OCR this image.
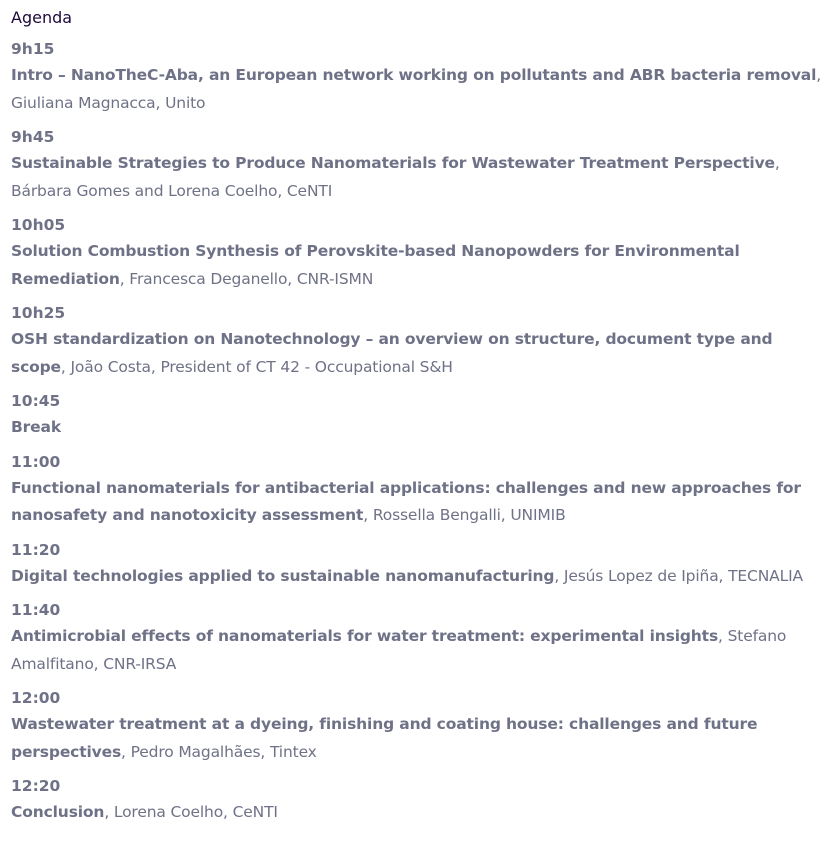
Agenda
9h15
Intro – NanoTheC-Aba, an European network working on pollutants and ABR bacteria removal, Giuliana Magnacca, Unito
9h45
Sustainable Strategies to Produce Nanomaterials for Wastewater Treatment Perspective, Bárbara Gomes and Lorena Coelho, CeNTI
10h05
Solution Combustion Synthesis of Perovskite-based Nanopowders for Environmental Remediation, Francesca Deganello, CNR-ISMN
10h25
OSH standardization on Nanotechnology – an overview on structure, document type and scope, João Costa, President of CT 42 - Occupational S&H
10:45
Break
11:00
Functional nanomaterials for antibacterial applications: challenges and new approaches for nanosafety and nanotoxicity assessment, Rossella Bengalli, UNIMIB
11:20
Digital technologies applied to sustainable nanomanufacturing, Jesús Lopez de Ipiña, TECNALIA
11:40
Antimicrobial effects of nanomaterials for water treatment: experimental insights, Stefano Amalfitano, CNR-IRSA
12:00
Wastewater treatment at a dyeing, finishing and coating house: challenges and future perspectives, Pedro Magalhães, Tintex
12:20
Conclusion, Lorena Coelho, CeNTI
